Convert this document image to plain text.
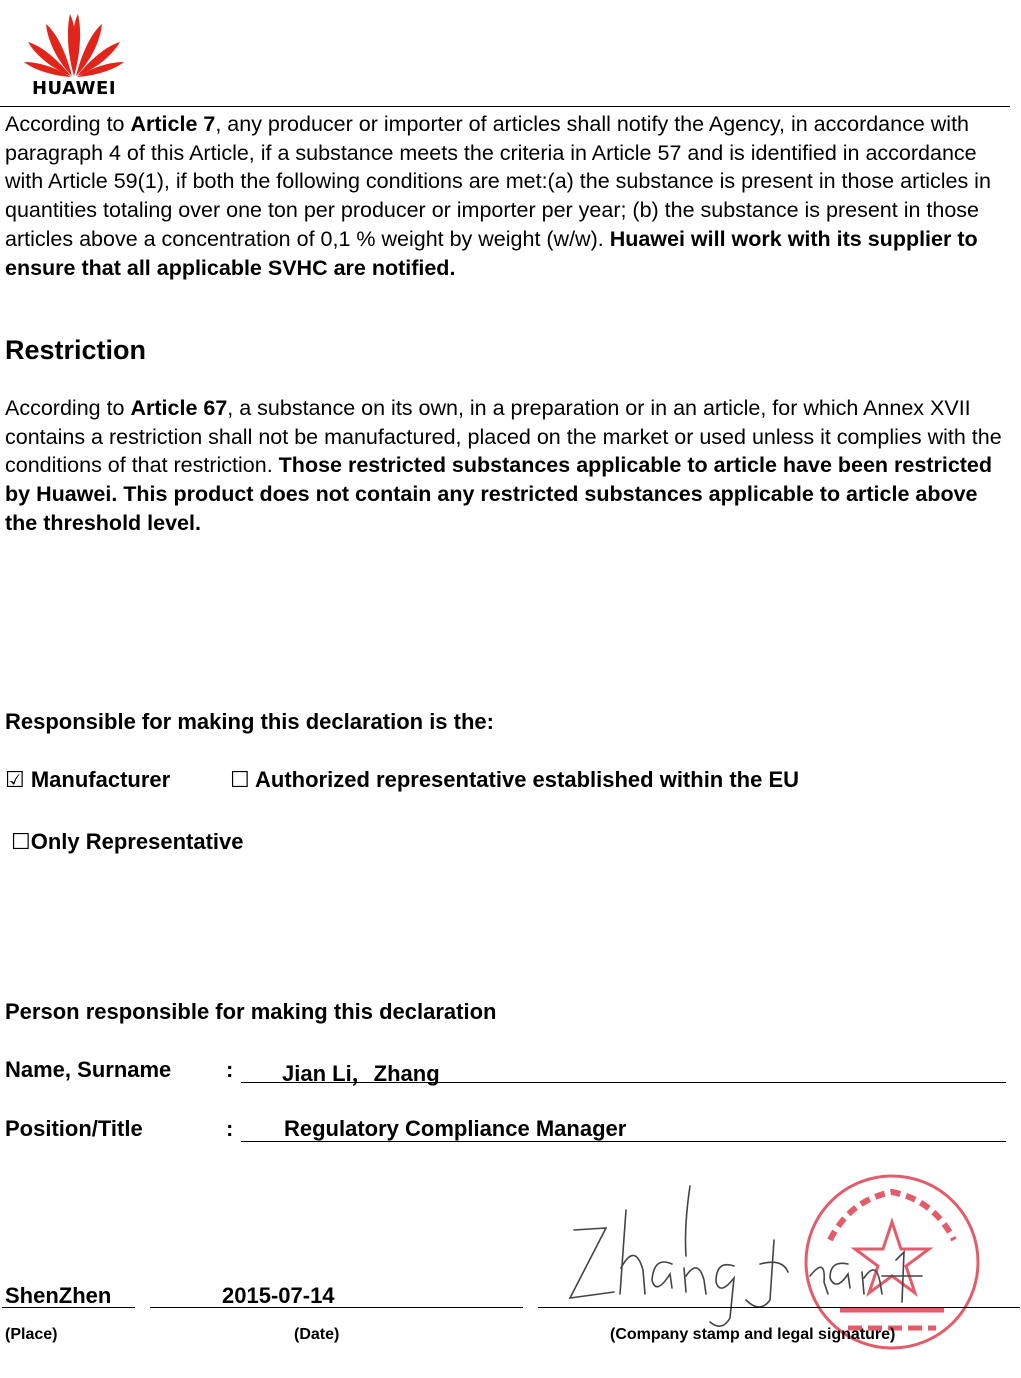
HUAWEI
According to Article 7, any producer or importer of articles shall notify the Agency, in accordance with paragraph 4 of this Article, if a substance meets the criteria in Article 57 and is identified in accordance with Article 59(1), if both the following conditions are met:(a) the substance is present in those articles in quantities totaling over one ton per producer or importer per year; (b) the substance is present in those articles above a concentration of 0,1 % weight by weight (w/w). Huawei will work with its supplier to ensure that all applicable SVHC are notified.
Restriction
According to Article 67, a substance on its own, in a preparation or in an article, for which Annex XVII contains a restriction shall not be manufactured, placed on the market or used unless it complies with the conditions of that restriction. Those restricted substances applicable to article have been restricted by Huawei. This product does not contain any restricted substances applicable to article above the threshold level.
Responsible for making this declaration is the:
☑ Manufacturer	☐ Authorized representative established within the EU
☐Only Representative
Person responsible for making this declaration
Name, Surname : Jian Li，Zhang
Position/Title	: Regulatory Compliance Manager
ShenZhen	2015-07-14
(Place)	(Date)	(Company stamp and legal signature)
